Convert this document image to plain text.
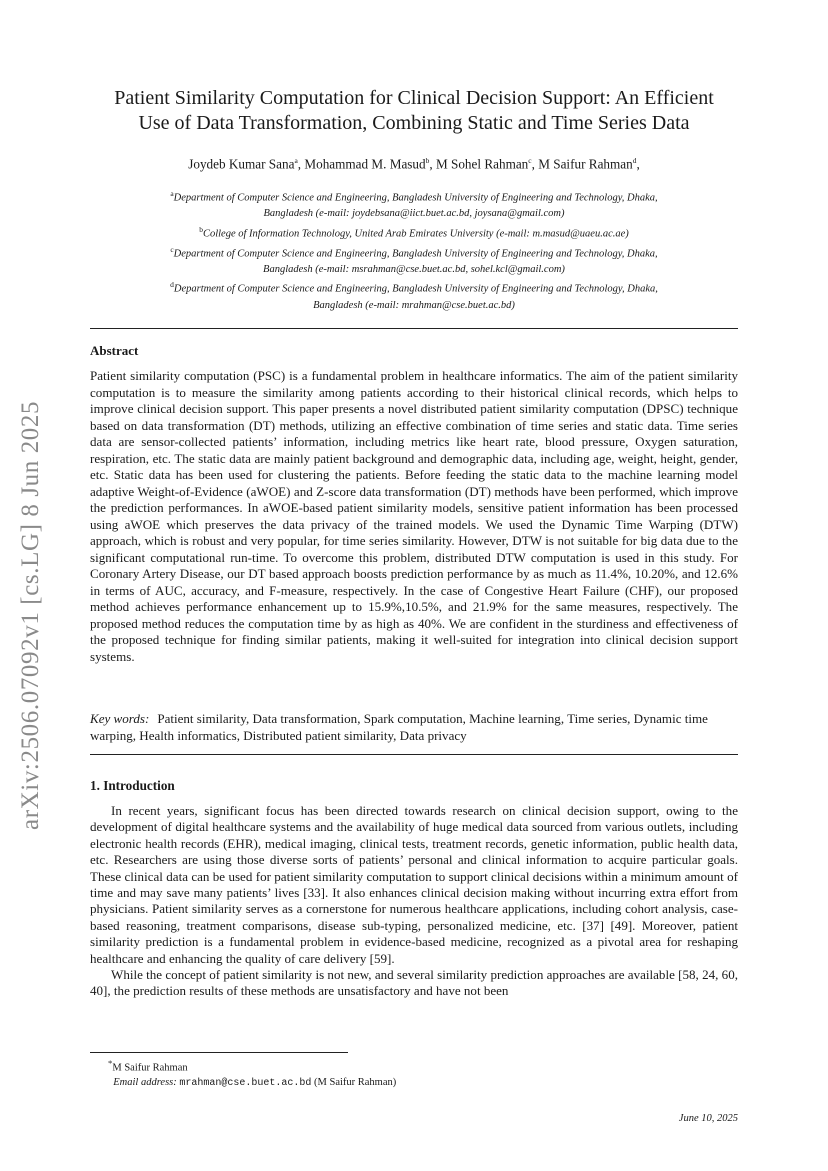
arXiv:2506.07092v1 [cs.LG] 8 Jun 2025
Patient Similarity Computation for Clinical Decision Support: An Efficient
Use of Data Transformation, Combining Static and Time Series Data
Joydeb Kumar Sana$^a$, Mohammad M. Masud$^b$, M Sohel Rahman$^c$, M Saifur Rahman$^d$,
$^a$Department of Computer Science and Engineering, Bangladesh University of Engineering and Technology, Dhaka,
Bangladesh (e-mail: joydebsana@iict.buet.ac.bd, joysana@gmail.com)
$^b$College of Information Technology, United Arab Emirates University (e-mail: m.masud@uaeu.ac.ae)
$^c$Department of Computer Science and Engineering, Bangladesh University of Engineering and Technology, Dhaka,
Bangladesh (e-mail: msrahman@cse.buet.ac.bd, sohel.kcl@gmail.com)
$^d$Department of Computer Science and Engineering, Bangladesh University of Engineering and Technology, Dhaka,
Bangladesh (e-mail: mrahman@cse.buet.ac.bd)
Abstract
Patient similarity computation (PSC) is a fundamental problem in healthcare informatics. The aim of the patient similarity computation is to measure the similarity among patients according to their historical clinical records, which helps to improve clinical decision support. This paper presents a novel distributed patient similarity computation (DPSC) technique based on data transformation (DT) methods, utilizing an effective combination of time series and static data. Time series data are sensor-collected patients’ information, including metrics like heart rate, blood pressure, Oxygen saturation, respiration, etc. The static data are mainly patient background and demographic data, including age, weight, height, gender, etc. Static data has been used for clustering the patients. Before feeding the static data to the machine learning model adaptive Weight-of-Evidence (aWOE) and Z-score data transformation (DT) methods have been performed, which improve the prediction performances. In aWOE-based patient similarity models, sensitive patient information has been processed using aWOE which preserves the data privacy of the trained models. We used the Dynamic Time Warping (DTW) approach, which is robust and very popular, for time series similarity. However, DTW is not suitable for big data due to the significant computational run-time. To overcome this problem, distributed DTW computation is used in this study. For Coronary Artery Disease, our DT based approach boosts prediction performance by as much as 11.4%, 10.20%, and 12.6% in terms of AUC, accuracy, and F-measure, respectively. In the case of Congestive Heart Failure (CHF), our proposed method achieves performance enhancement up to 15.9%,10.5%, and 21.9% for the same measures, respectively. The proposed method reduces the computation time by as high as 40%. We are confident in the sturdiness and effectiveness of the proposed technique for finding similar patients, making it well-suited for integration into clinical decision support systems.
Key words: Patient similarity, Data transformation, Spark computation, Machine learning, Time series, Dynamic time warping, Health informatics, Distributed patient similarity, Data privacy
1. Introduction

In recent years, significant focus has been directed towards research on clinical decision support, owing to the development of digital healthcare systems and the availability of huge medical data sourced from various outlets, including electronic health records (EHR), medical imaging, clinical tests, treatment records, genetic information, public health data, etc. Researchers are using those diverse sorts of patients’ personal and clinical information to acquire particular goals. These clinical data can be used for patient similarity computation to support clinical decisions within a minimum amount of time and may save many patients’ lives [33]. It also enhances clinical decision making without incurring extra effort from physicians. Patient similarity serves as a cornerstone for numerous healthcare applications, including cohort analysis, case-based reasoning, treatment comparisons, disease sub-typing, personalized medicine, etc. [37] [49]. Moreover, patient similarity prediction is a fundamental problem in evidence-based medicine, recognized as a pivotal area for reshaping healthcare and enhancing the quality of care delivery [59].

While the concept of patient similarity is not new, and several similarity prediction approaches are available [58, 24, 60, 40], the prediction results of these methods are unsatisfactory and have not been

*M Saifur Rahman
Email address: mrahman@cse.buet.ac.bd (M Saifur Rahman)
June 10, 2025
